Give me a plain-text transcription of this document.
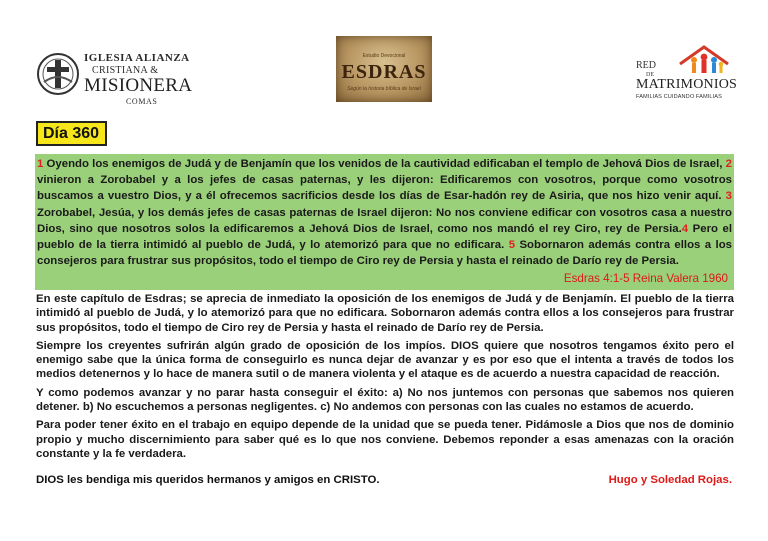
IGLESIA ALIANZA
CRISTIANA &
MISIONERA
COMAS
Estudio Devocional
ESDRAS
Según la historia bíblica de Israel
RED
DE
MATRIMONIOS
FAMILIAS CUIDANDO FAMILIAS
Día 360

1 Oyendo los enemigos de Judá y de Benjamín que los venidos de la cautividad edificaban el templo de Jehová Dios de Israel, 2 vinieron a Zorobabel y a los jefes de casas paternas, y les dijeron: Edificaremos con vosotros, porque como vosotros buscamos a vuestro Dios, y a él ofrecemos sacrificios desde los días de Esar-hadón rey de Asiria, que nos hizo venir aquí. 3 Zorobabel, Jesúa, y los demás jefes de casas paternas de Israel dijeron: No nos conviene edificar con vosotros casa a nuestro Dios, sino que nosotros solos la edificaremos a Jehová Dios de Israel, como nos mandó el rey Ciro, rey de Persia.4 Pero el pueblo de la tierra intimidó al pueblo de Judá, y lo atemorizó para que no edificara. 5 Sobornaron además contra ellos a los consejeros para frustrar sus propósitos, todo el tiempo de Ciro rey de Persia y hasta el reinado de Darío rey de Persia.

Esdras 4:1-5 Reina Valera 1960

En este capítulo de Esdras; se aprecia de inmediato la oposición de los enemigos de Judá y de Benjamín. El pueblo de la tierra intimidó al pueblo de Judá, y lo atemorizó para que no edificara. Sobornaron además contra ellos a los consejeros para frustrar sus propósitos, todo el tiempo de Ciro rey de Persia y hasta el reinado de Darío rey de Persia.

Siempre los creyentes sufrirán algún grado de oposición de los impíos. DIOS quiere que nosotros tengamos éxito pero el enemigo sabe que la única forma de conseguirlo es nunca dejar de avanzar y es por eso que el intenta a través de todos los medios detenernos y lo hace de manera sutil o de manera violenta y el ataque es de acuerdo a nuestra capacidad de reacción.

Y como podemos avanzar y no parar hasta conseguir el éxito: a) No nos juntemos con personas que sabemos nos quieren detener. b) No escuchemos a personas negligentes. c) No andemos con personas con las cuales no estamos de acuerdo.

Para poder tener éxito en el trabajo en equipo depende de la unidad que se pueda tener. Pidámosle a Dios que nos de dominio propio y mucho discernimiento para saber qué es lo que nos conviene. Debemos reponder a esas amenazas con la oración constante y la fe verdadera.

DIOS les bendiga mis queridos hermanos y amigos en CRISTO.	Hugo y Soledad Rojas.
